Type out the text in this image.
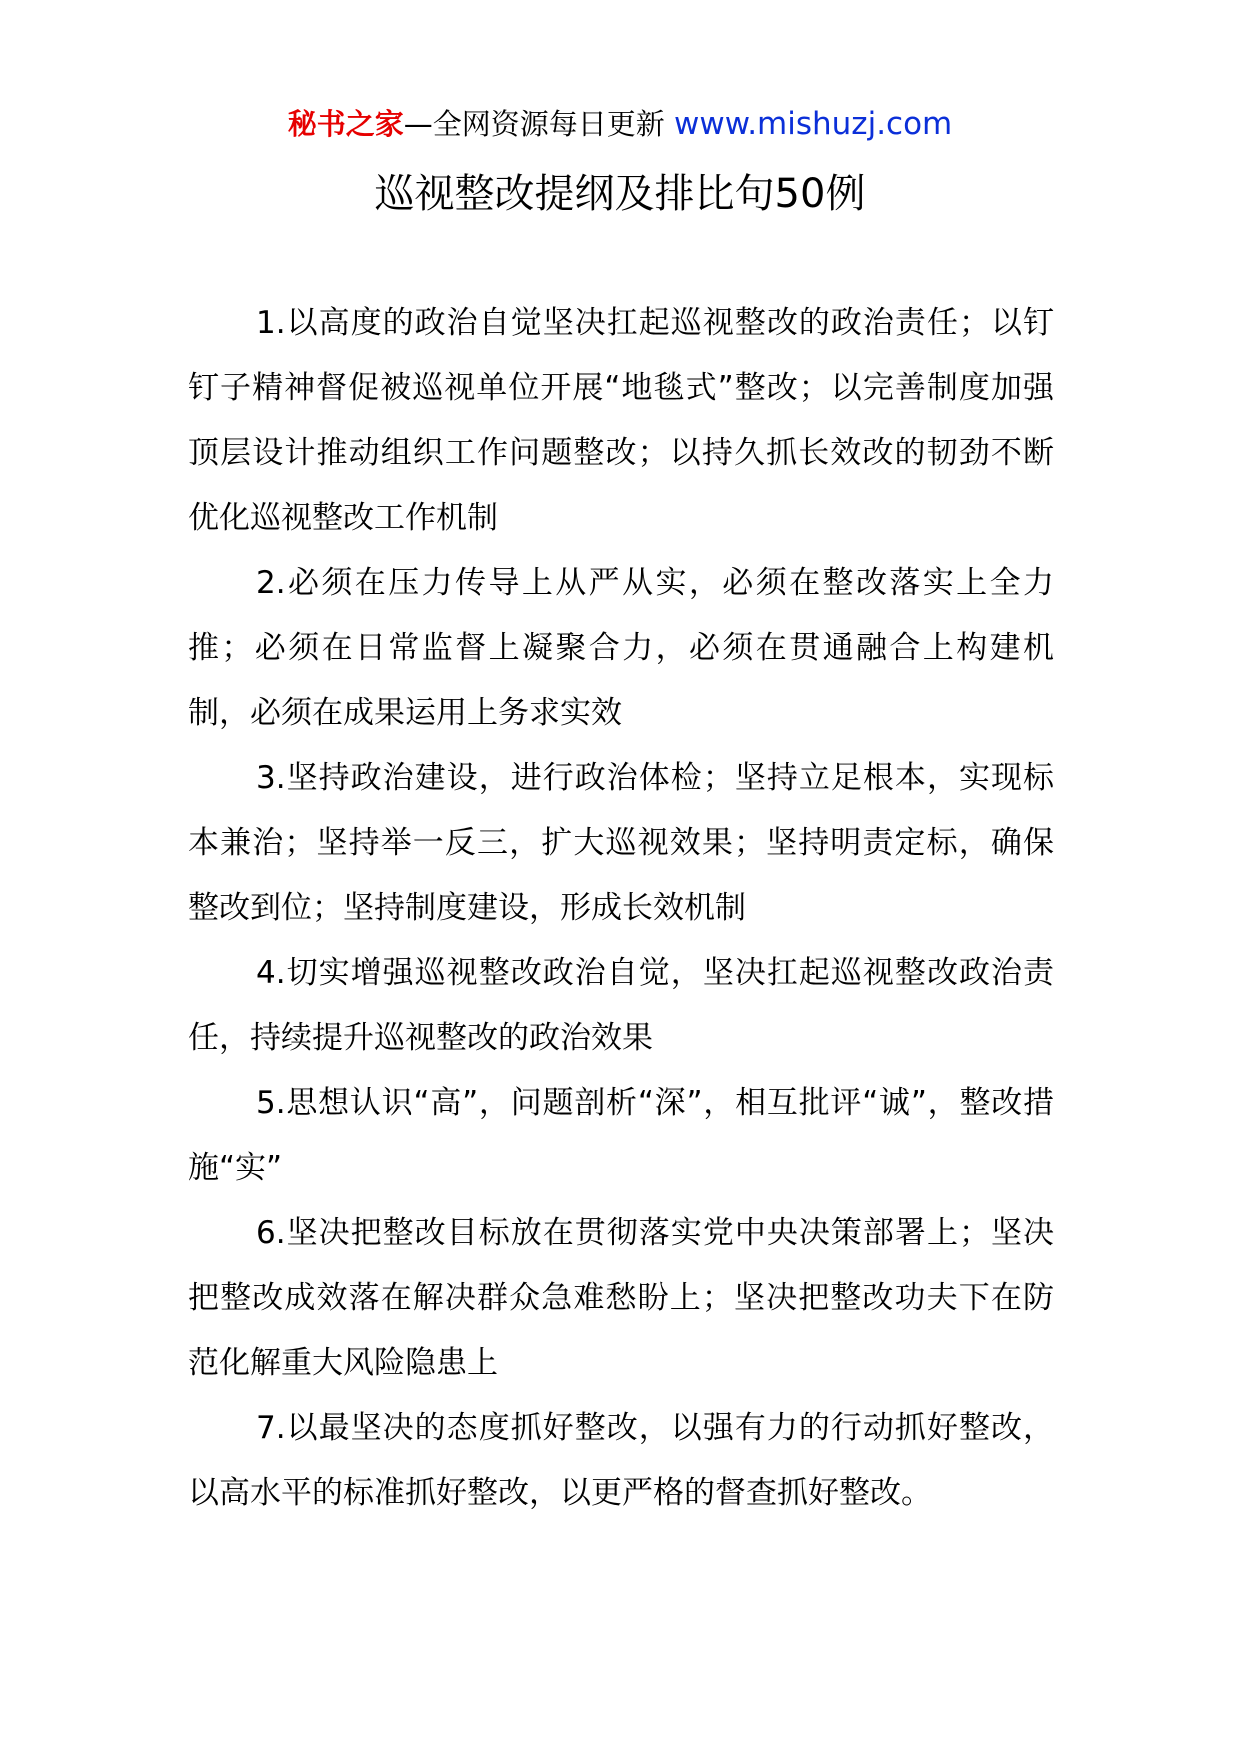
秘书之家—全网资源每日更新 www.mishuzj.com
巡视整改提纲及排比句50例

1.以高度的政治自觉坚决扛起巡视整改的政治责任；以钉钉子精神督促被巡视单位开展“地毯式”整改；以完善制度加强顶层设计推动组织工作问题整改；以持久抓长效改的韧劲不断优化巡视整改工作机制

2.必须在压力传导上从严从实，必须在整改落实上全力推；必须在日常监督上凝聚合力，必须在贯通融合上构建机制，必须在成果运用上务求实效

3.坚持政治建设，进行政治体检；坚持立足根本，实现标本兼治；坚持举一反三，扩大巡视效果；坚持明责定标，确保整改到位；坚持制度建设，形成长效机制

4.切实增强巡视整改政治自觉，坚决扛起巡视整改政治责任，持续提升巡视整改的政治效果

5.思想认识“高”，问题剖析“深”，相互批评“诚”，整改措施“实”

6.坚决把整改目标放在贯彻落实党中央决策部署上；坚决把整改成效落在解决群众急难愁盼上；坚决把整改功夫下在防范化解重大风险隐患上

7.以最坚决的态度抓好整改，以强有力的行动抓好整改，以高水平的标准抓好整改，以更严格的督查抓好整改。
